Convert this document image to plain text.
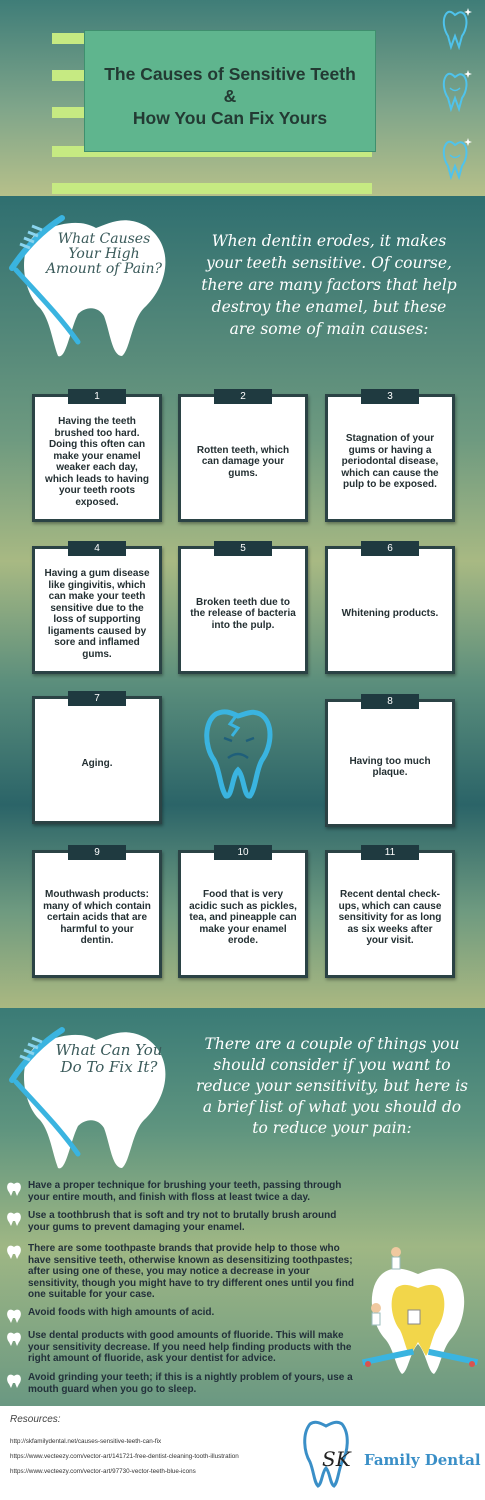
The Causes of Sensitive Teeth
&
How You Can Fix Yours
What Causes Your High Amount of Pain?
When dentin erodes, it makes your teeth sensitive. Of course, there are many factors that help destroy the enamel, but these are some of main causes:
1
Having the teeth brushed too hard. Doing this often can make your enamel weaker each day, which leads to having your teeth roots exposed.
2
Rotten teeth, which can damage your gums.
3
Stagnation of your gums or having a periodontal disease, which can cause the pulp to be exposed.
4
Having a gum disease like gingivitis, which can make your teeth sensitive due to the loss of supporting ligaments caused by sore and inflamed gums.
5
Broken teeth due to the release of bacteria into the pulp.
6
Whitening products.
7
Aging.
8
Having too much plaque.
9
Mouthwash products: many of which contain certain acids that are harmful to your dentin.
10
Food that is very acidic such as pickles, tea, and pineapple can make your enamel erode.
11
Recent dental check-ups, which can cause sensitivity for as long as six weeks after your visit.
What Can You Do To Fix It?
There are a couple of things you should consider if you want to reduce your sensitivity, but here is a brief list of what you should do to reduce your pain:
Have a proper technique for brushing your teeth, passing through your entire mouth, and finish with floss at least twice a day.
Use a toothbrush that is soft and try not to brutally brush around your gums to prevent damaging your enamel.
There are some toothpaste brands that provide help to those who have sensitive teeth, otherwise known as desensitizing toothpastes; after using one of these, you may notice a decrease in your sensitivity, though you might have to try different ones until you find one suitable for your case.
Avoid foods with high amounts of acid.
Use dental products with good amounts of fluoride. This will make your sensitivity decrease. If you need help finding products with the right amount of fluoride, ask your dentist for advice.
Avoid grinding your teeth; if this is a nightly problem of yours, use a mouth guard when you go to sleep.
Resources:
http://skfamilydental.net/causes-sensitive-teeth-can-fix
https://www.vecteezy.com/vector-art/141721-free-dentist-cleaning-tooth-illustration
https://www.vecteezy.com/vector-art/97730-vector-teeth-blue-icons
SK Family Dental
